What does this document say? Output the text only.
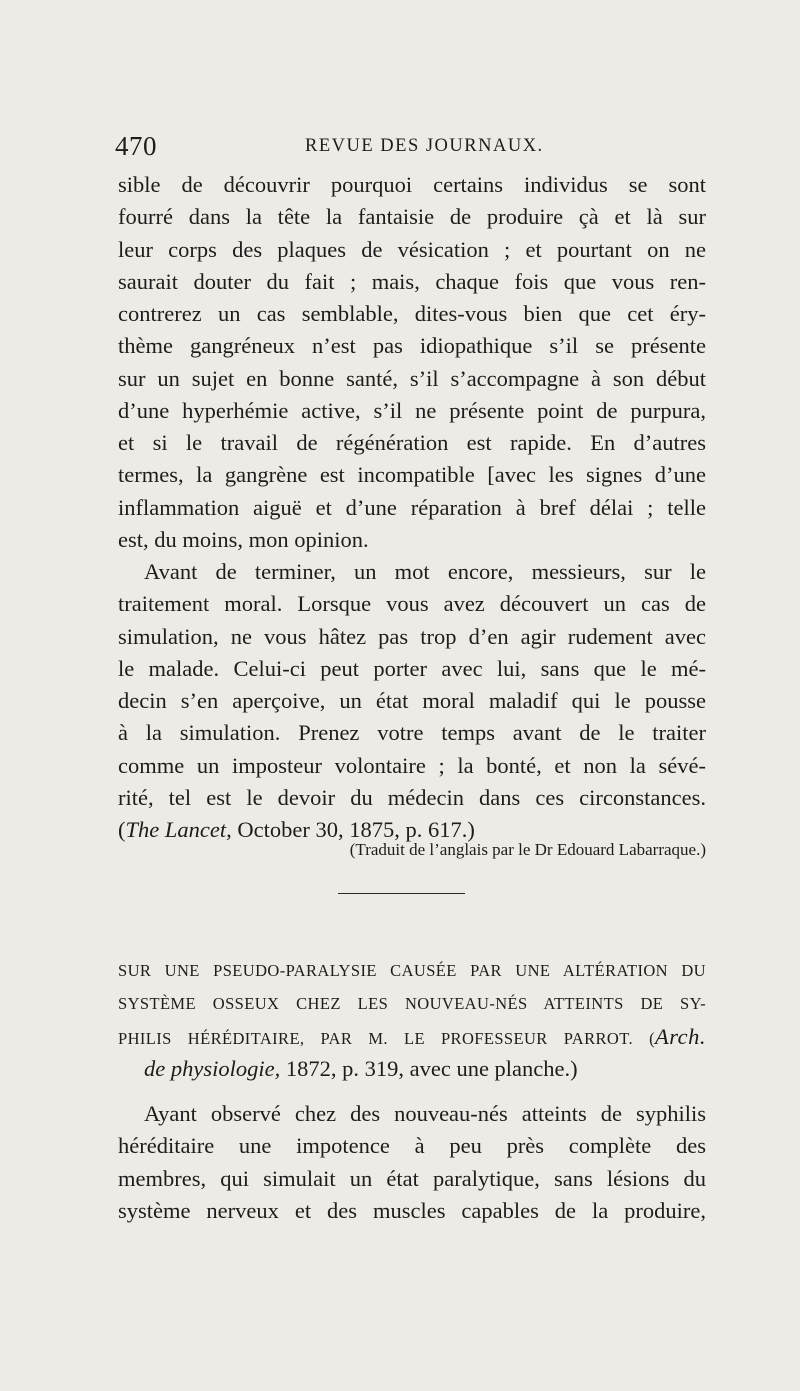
470	REVUE DES JOURNAUX.
sible de découvrir pourquoi certains individus se sont
fourré dans la tête la fantaisie de produire çà et là sur
leur corps des plaques de vésication ; et pourtant on ne
saurait douter du fait ; mais, chaque fois que vous ren-
contrerez un cas semblable, dites-vous bien que cet éry-
thème gangréneux n’est pas idiopathique s’il se présente
sur un sujet en bonne santé, s’il s’accompagne à son début
d’une hyperhémie active, s’il ne présente point de purpura,
et si le travail de régénération est rapide. En d’autres
termes, la gangrène est incompatible [avec les signes d’une
inflammation aiguë et d’une réparation à bref délai ; telle
est, du moins, mon opinion.
Avant de terminer, un mot encore, messieurs, sur le
traitement moral. Lorsque vous avez découvert un cas de
simulation, ne vous hâtez pas trop d’en agir rudement avec
le malade. Celui-ci peut porter avec lui, sans que le mé-
decin s’en aperçoive, un état moral maladif qui le pousse
à la simulation. Prenez votre temps avant de le traiter
comme un imposteur volontaire ; la bonté, et non la sévé-
rité, tel est le devoir du médecin dans ces circonstances.
(The Lancet, October 30, 1875, p. 617.)
(Traduit de l’anglais par le Dr Edouard Labarraque.)
SUR UNE PSEUDO-PARALYSIE CAUSÉE PAR UNE ALTÉRATION DU
SYSTÈME OSSEUX CHEZ LES NOUVEAU-NÉS ATTEINTS DE SY-
PHILIS HÉRÉDITAIRE, PAR M. LE PROFESSEUR PARROT. (Arch.
de physiologie, 1872, p. 319, avec une planche.)
Ayant observé chez des nouveau-nés atteints de syphilis
héréditaire une impotence à peu près complète des
membres, qui simulait un état paralytique, sans lésions du
système nerveux et des muscles capables de la produire,
